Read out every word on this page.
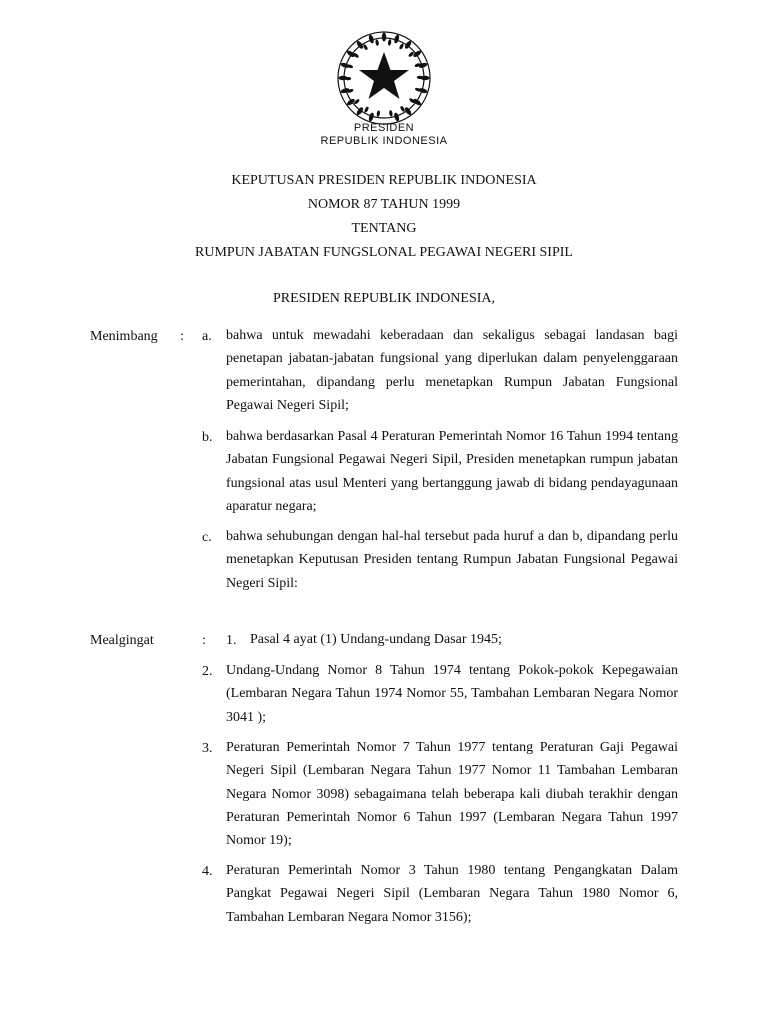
PRESIDEN
REPUBLIK INDONESIA
KEPUTUSAN PRESIDEN REPUBLIK INDONESIA
NOMOR 87 TAHUN 1999
TENTANG
RUMPUN JABATAN FUNGSLONAL PEGAWAI NEGERI SIPIL
PRESIDEN REPUBLIK INDONESIA,
Menimbang : a. bahwa untuk mewadahi keberadaan dan sekaligus sebagai landasan bagi penetapan jabatan-jabatan fungsional yang diperlukan dalam penyelenggaraan pemerintahan, dipandang perlu menetapkan Rumpun Jabatan Fungsional Pegawai Negeri Sipil;
b. bahwa berdasarkan Pasal 4 Peraturan Pemerintah Nomor 16 Tahun 1994 tentang Jabatan Fungsional Pegawai Negeri Sipil, Presiden menetapkan rumpun jabatan fungsional atas usul Menteri yang bertanggung jawab di bidang pendayagunaan aparatur negara;
c. bahwa sehubungan dengan hal-hal tersebut pada huruf a dan b, dipandang perlu menetapkan Keputusan Presiden tentang Rumpun Jabatan Fungsional Pegawai Negeri Sipil:
Mealgingat	: 1. Pasal 4 ayat (1) Undang-undang Dasar 1945;
2. Undang-Undang Nomor 8 Tahun 1974 tentang Pokok-pokok Kepegawaian (Lembaran Negara Tahun 1974 Nomor 55, Tambahan Lembaran Negara Nomor 3041 );
3. Peraturan Pemerintah Nomor 7 Tahun 1977 tentang Peraturan Gaji Pegawai Negeri Sipil (Lembaran Negara Tahun 1977 Nomor 11 Tambahan Lembaran Negara Nomor 3098) sebagaimana telah beberapa kali diubah terakhir dengan Peraturan Pemerintah Nomor 6 Tahun 1997 (Lembaran Negara Tahun 1997 Nomor 19);
4. Peraturan Pemerintah Nomor 3 Tahun 1980 tentang Pengangkatan Dalam Pangkat Pegawai Negeri Sipil (Lembaran Negara Tahun 1980 Nomor 6, Tambahan Lembaran Negara Nomor 3156);
